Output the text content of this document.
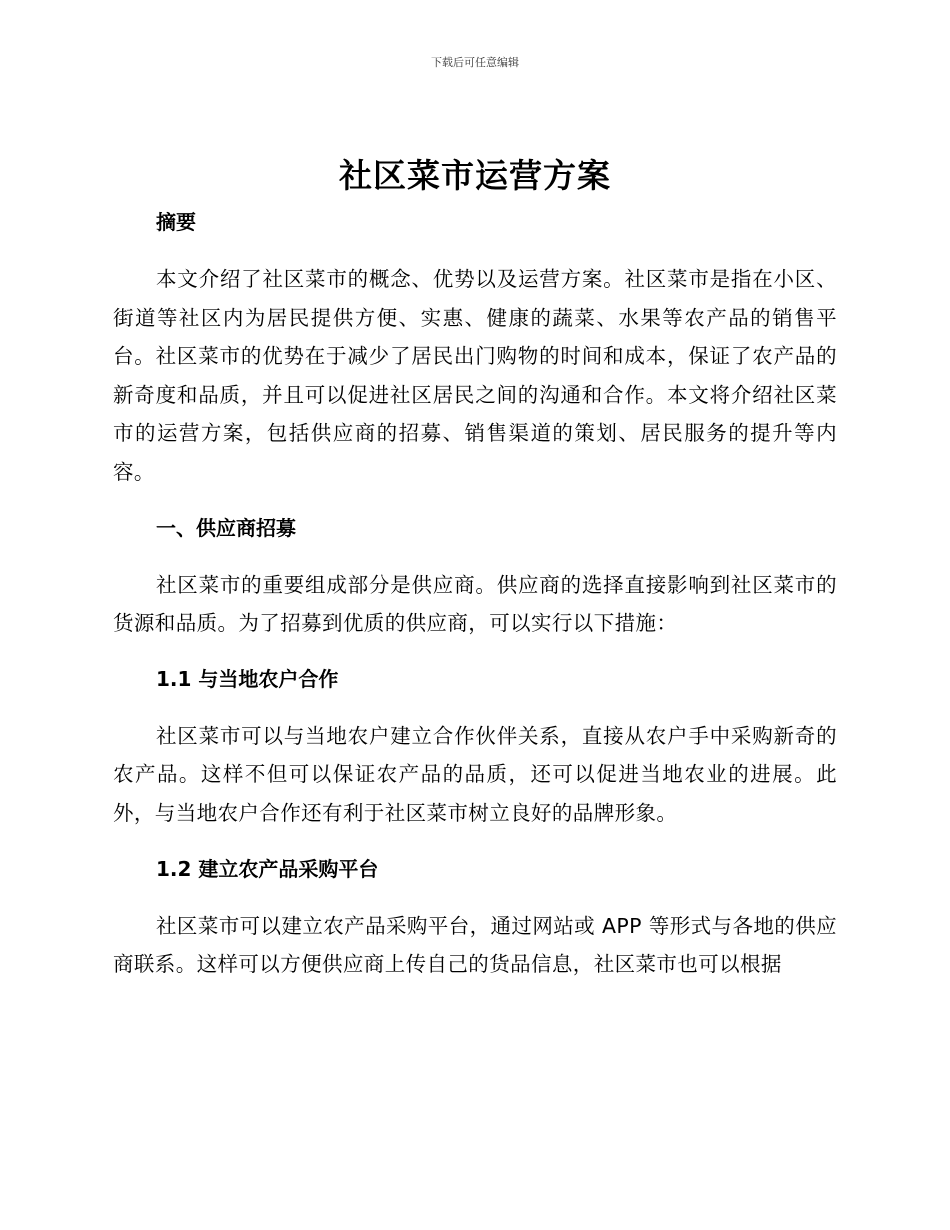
下载后可任意编辑
社区菜市运营方案
摘要

本文介绍了社区菜市的概念、优势以及运营方案。社区菜市是指在小区、街道等社区内为居民提供方便、实惠、健康的蔬菜、水果等农产品的销售平台。社区菜市的优势在于减少了居民出门购物的时间和成本，保证了农产品的新奇度和品质，并且可以促进社区居民之间的沟通和合作。本文将介绍社区菜市的运营方案，包括供应商的招募、销售渠道的策划、居民服务的提升等内容。

一、供应商招募

社区菜市的重要组成部分是供应商。供应商的选择直接影响到社区菜市的货源和品质。为了招募到优质的供应商，可以实行以下措施：

1.1 与当地农户合作

社区菜市可以与当地农户建立合作伙伴关系，直接从农户手中采购新奇的农产品。这样不但可以保证农产品的品质，还可以促进当地农业的进展。此外，与当地农户合作还有利于社区菜市树立良好的品牌形象。

1.2 建立农产品采购平台

社区菜市可以建立农产品采购平台，通过网站或 APP 等形式与各地的供应商联系。这样可以方便供应商上传自己的货品信息，社区菜市也可以根据
